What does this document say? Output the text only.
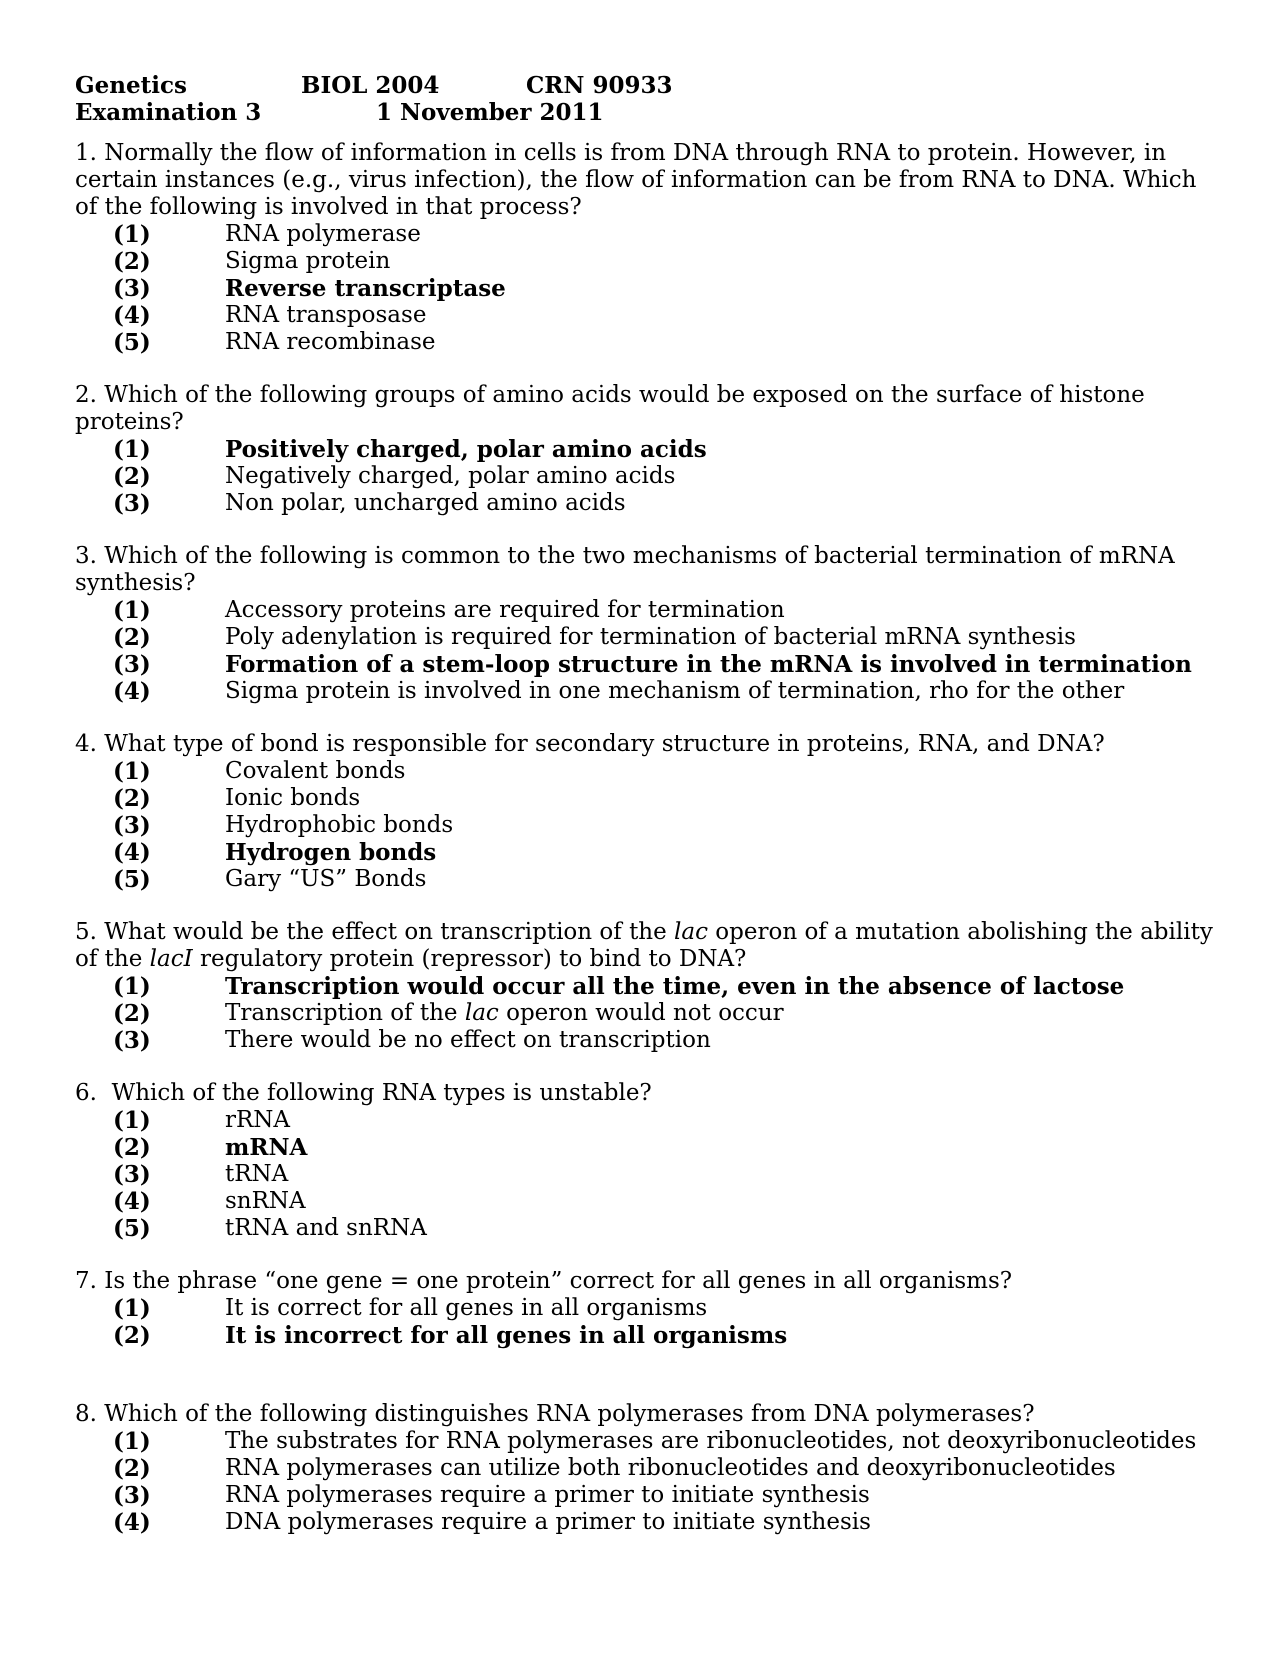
Genetics	BIOL 2004	CRN 90933
Examination 3	1 November 2011
1. Normally the flow of information in cells is from DNA through RNA to protein. However, in certain instances (e.g., virus infection), the flow of information can be from RNA to DNA. Which of the following is involved in that process?
(1)	RNA polymerase
(2)	Sigma protein
(3)	Reverse transcriptase
(4)	RNA transposase
(5)	RNA recombinase
2. Which of the following groups of amino acids would be exposed on the surface of histone proteins?
(1)	Positively charged, polar amino acids
(2)	Negatively charged, polar amino acids
(3)	Non polar, uncharged amino acids
3. Which of the following is common to the two mechanisms of bacterial termination of mRNA synthesis?
(1)	Accessory proteins are required for termination
(2)	Poly adenylation is required for termination of bacterial mRNA synthesis
(3)	Formation of a stem-loop structure in the mRNA is involved in termination
(4)	Sigma protein is involved in one mechanism of termination, rho for the other
4. What type of bond is responsible for secondary structure in proteins, RNA, and DNA?
(1)	Covalent bonds
(2)	Ionic bonds
(3)	Hydrophobic bonds
(4)	Hydrogen bonds
(5)	Gary “US” Bonds
5. What would be the effect on transcription of the lac operon of a mutation abolishing the ability of the lacI regulatory protein (repressor) to bind to DNA?
(1)	Transcription would occur all the time, even in the absence of lactose
(2)	Transcription of the lac operon would not occur
(3)	There would be no effect on transcription
6.  Which of the following RNA types is unstable?
(1)	rRNA
(2)	mRNA
(3)	tRNA
(4)	snRNA
(5)	tRNA and snRNA
7. Is the phrase “one gene = one protein” correct for all genes in all organisms?
(1)	It is correct for all genes in all organisms
(2)	It is incorrect for all genes in all organisms
8. Which of the following distinguishes RNA polymerases from DNA polymerases?
(1)	The substrates for RNA polymerases are ribonucleotides, not deoxyribonucleotides
(2)	RNA polymerases can utilize both ribonucleotides and deoxyribonucleotides
(3)	RNA polymerases require a primer to initiate synthesis
(4)	DNA polymerases require a primer to initiate synthesis
